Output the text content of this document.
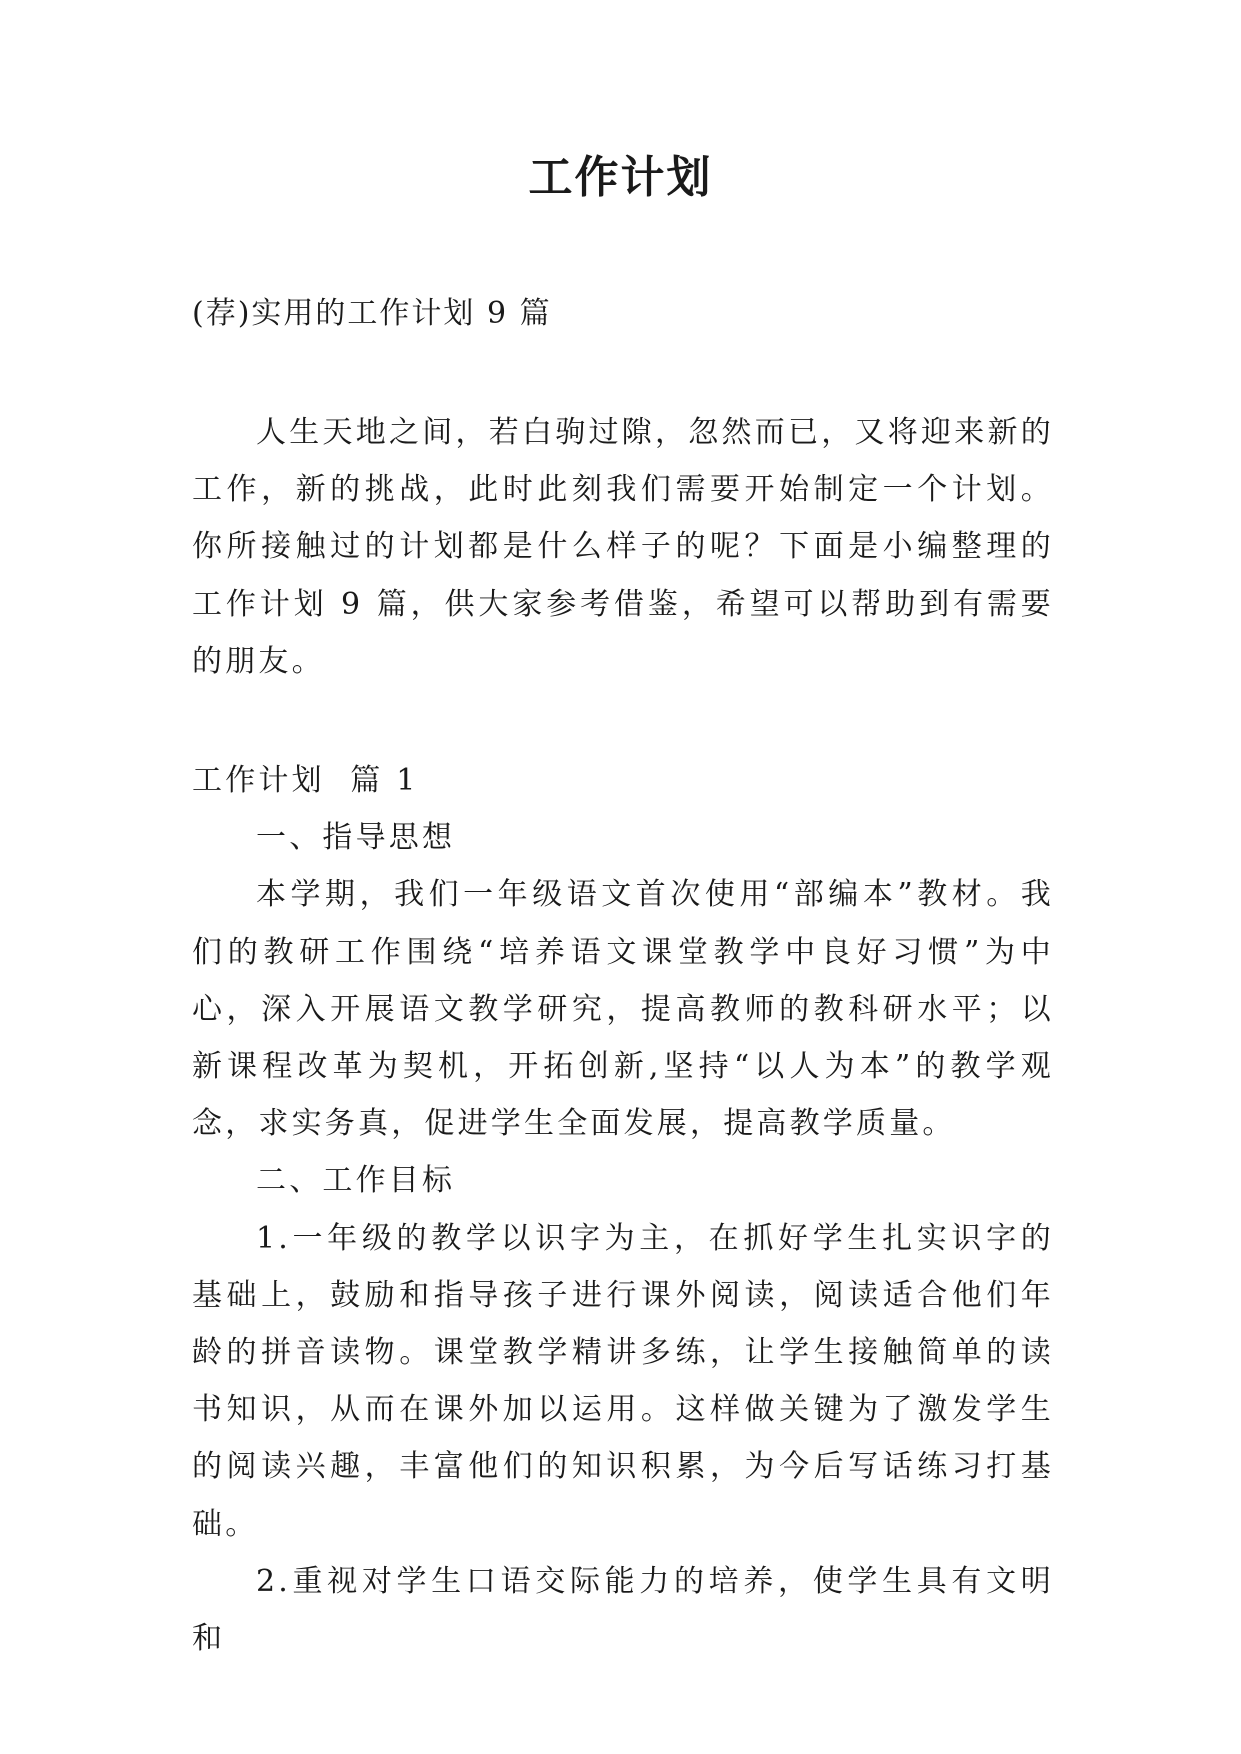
工作计划

(荐)实用的工作计划 9 篇

人生天地之间，若白驹过隙，忽然而已，又将迎来新的工作，新的挑战，此时此刻我们需要开始制定一个计划。你所接触过的计划都是什么样子的呢？下面是小编整理的工作计划 9 篇，供大家参考借鉴，希望可以帮助到有需要的朋友。

工作计划  篇 1
一、指导思想
本学期，我们一年级语文首次使用“部编本”教材。我们的教研工作围绕“培养语文课堂教学中良好习惯”为中心，深入开展语文教学研究，提高教师的教科研水平；以新课程改革为契机，开拓创新,坚持“以人为本”的教学观念，求实务真，促进学生全面发展，提高教学质量。
二、工作目标
1.一年级的教学以识字为主，在抓好学生扎实识字的基础上，鼓励和指导孩子进行课外阅读，阅读适合他们年龄的拼音读物。课堂教学精讲多练，让学生接触简单的读书知识，从而在课外加以运用。这样做关键为了激发学生的阅读兴趣，丰富他们的知识积累，为今后写话练习打基础。
2.重视对学生口语交际能力的培养，使学生具有文明和
